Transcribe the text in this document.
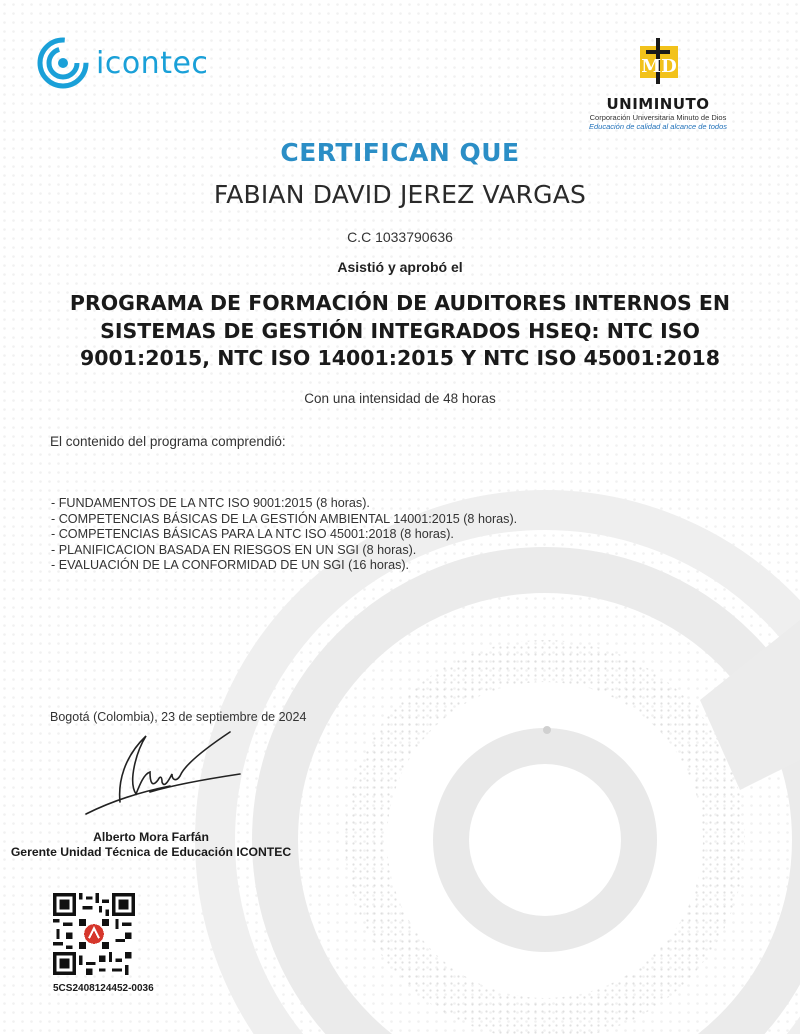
icontec	MD
UNIMINUTO
Corporación Universitaria Minuto de Dios
Educación de calidad al alcance de todos
CERTIFICAN QUE
FABIAN DAVID JEREZ VARGAS
C.C 1033790636
Asistió y aprobó el
PROGRAMA DE FORMACIÓN DE AUDITORES INTERNOS EN SISTEMAS DE GESTIÓN INTEGRADOS HSEQ: NTC ISO 9001:2015, NTC ISO 14001:2015 Y NTC ISO 45001:2018
Con una intensidad de 48 horas
El contenido del programa comprendió:
- FUNDAMENTOS DE LA NTC ISO 9001:2015 (8 horas).
- COMPETENCIAS BÁSICAS DE LA GESTIÓN AMBIENTAL 14001:2015 (8 horas).
- COMPETENCIAS BÁSICAS PARA LA NTC ISO 45001:2018 (8 horas).
- PLANIFICACION BASADA EN RIESGOS EN UN SGI (8 horas).
- EVALUACIÓN DE LA CONFORMIDAD DE UN SGI (16 horas).
Bogotá (Colombia), 23 de septiembre de 2024
Alberto Mora Farfán
Gerente Unidad Técnica de Educación ICONTEC
5CS2408124452-0036
